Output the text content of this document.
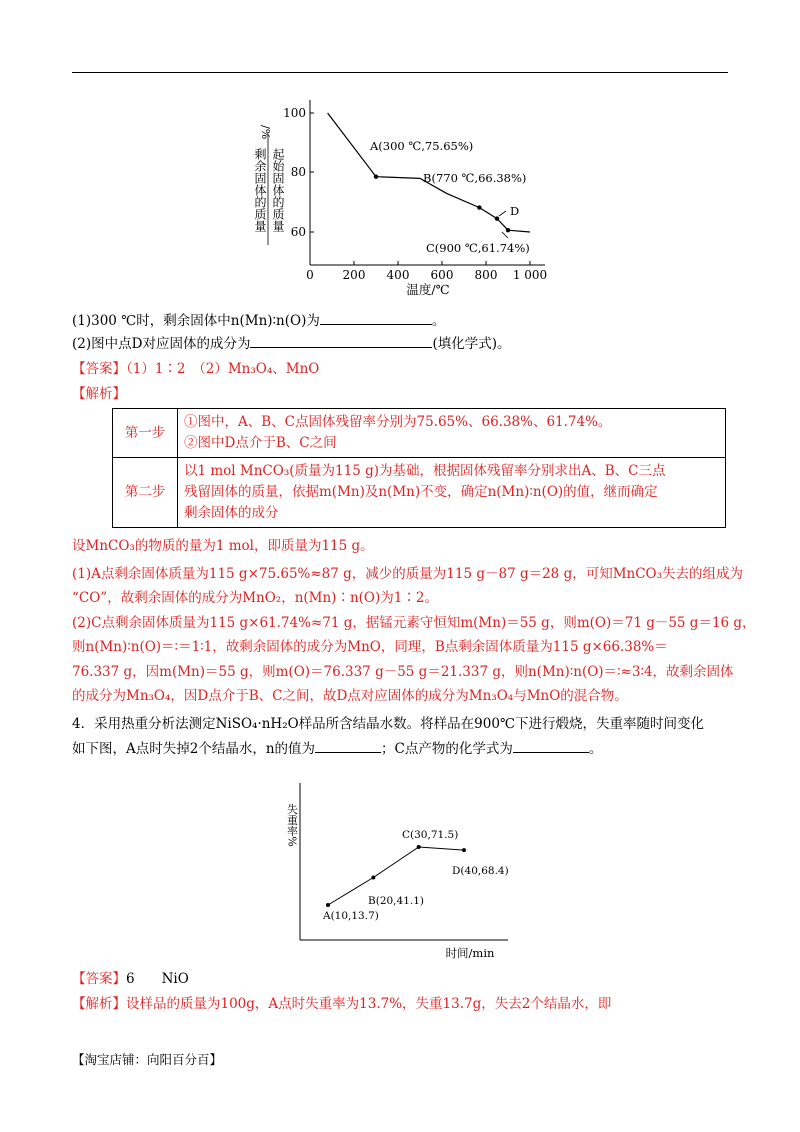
100
80
60
0 200 400 600 800 1 000
温度/℃
剩余固体的质量 起始固体的质量
/%
A(300 ℃,75.65%)
B(770 ℃,66.38%)
D
C(900 ℃,61.74%)
(1)300 ℃时，剩余固体中n(Mn)∶n(O)为	。
(2)图中点D对应固体的成分为	(填化学式)。
【答案】（1）1∶2　（2）Mn₃O₄、MnO
【解析】
第一步	①图中，A、B、C点固体残留率分别为75.65%、66.38%、61.74%。
②图中D点介于B、C之间

第二步	以1 mol MnCO₃(质量为115 g)为基础，根据固体残留率分别求出A、B、C三点
残留固体的质量，依据m(Mn)及n(Mn)不变，确定n(Mn)∶n(O)的值，继而确定
剩余固体的成分
设MnCO₃的物质的量为1 mol，即质量为115 g。
(1)A点剩余固体质量为115 g×75.65%≈87 g，减少的质量为115 g－87 g＝28 g，可知MnCO₃失去的组成为
“CO”，故剩余固体的成分为MnO₂，n(Mn)∶n(O)为1∶2。
(2)C点剩余固体质量为115 g×61.74%≈71 g，据锰元素守恒知m(Mn)＝55 g，则m(O)＝71 g－55 g＝16 g，
则n(Mn)∶n(O)＝∶＝1∶1，故剩余固体的成分为MnO，同理，B点剩余固体质量为115 g×66.38%＝
76.337 g，因m(Mn)＝55 g，则m(O)＝76.337 g－55 g＝21.337 g，则n(Mn)∶n(O)＝∶≈3∶4，故剩余固体
的成分为Mn₃O₄，因D点介于B、C之间，故D点对应固体的成分为Mn₃O₄与MnO的混合物。
4．采用热重分析法测定NiSO₄·nH₂O样品所含结晶水数。将样品在900℃下进行煅烧，失重率随时间变化
如下图，A点时失掉2个结晶水，n的值为	；C点产物的化学式为	。
失重率%
时间/min
A(10,13.7)
B(20,41.1)
C(30,71.5)
D(40,68.4)
【答案】6　　NiO
【解析】设样品的质量为100g，A点时失重率为13.7%，失重13.7g，失去2个结晶水，即
【淘宝店铺：向阳百分百】
